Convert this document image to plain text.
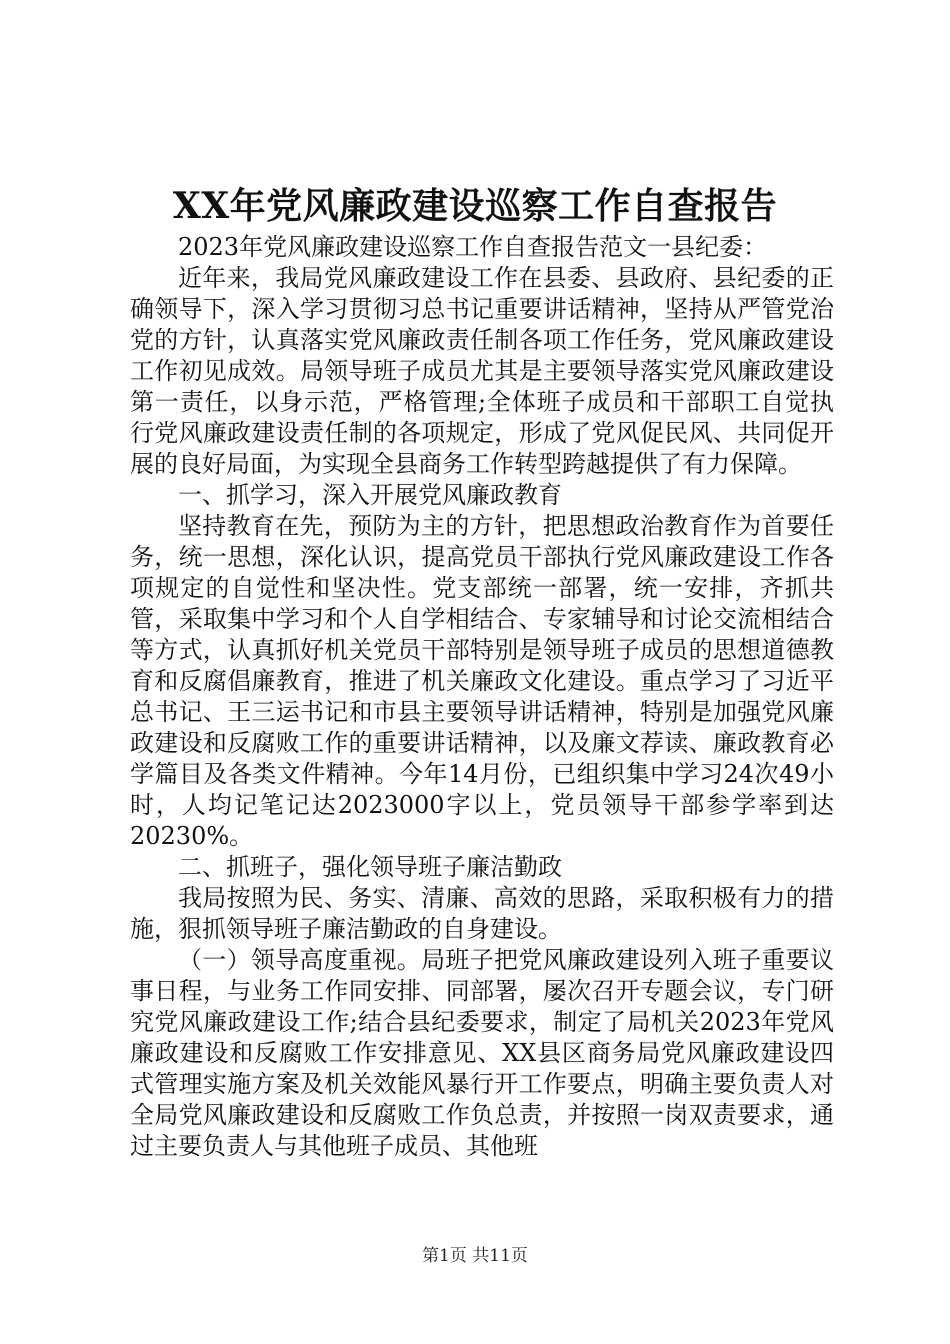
XX年党风廉政建设巡察工作自查报告

2023年党风廉政建设巡察工作自查报告范文一县纪委：

近年来，我局党风廉政建设工作在县委、县政府、县纪委的正确领导下，深入学习贯彻习总书记重要讲话精神，坚持从严管党治党的方针，认真落实党风廉政责任制各项工作任务，党风廉政建设工作初见成效。局领导班子成员尤其是主要领导落实党风廉政建设第一责任，以身示范，严格管理;全体班子成员和干部职工自觉执行党风廉政建设责任制的各项规定，形成了党风促民风、共同促开展的良好局面，为实现全县商务工作转型跨越提供了有力保障。

一、抓学习，深入开展党风廉政教育

坚持教育在先，预防为主的方针，把思想政治教育作为首要任务，统一思想，深化认识，提高党员干部执行党风廉政建设工作各项规定的自觉性和坚决性。党支部统一部署，统一安排，齐抓共管，采取集中学习和个人自学相结合、专家辅导和讨论交流相结合等方式，认真抓好机关党员干部特别是领导班子成员的思想道德教育和反腐倡廉教育，推进了机关廉政文化建设。重点学习了习近平总书记、王三运书记和市县主要领导讲话精神，特别是加强党风廉政建设和反腐败工作的重要讲话精神，以及廉文荐读、廉政教育必学篇目及各类文件精神。今年14月份，已组织集中学习24次49小时，人均记笔记达2023000字以上，党员领导干部参学率到达20230%。

二、抓班子，强化领导班子廉洁勤政

我局按照为民、务实、清廉、高效的思路，采取积极有力的措施，狠抓领导班子廉洁勤政的自身建设。

（一）领导高度重视。局班子把党风廉政建设列入班子重要议事日程，与业务工作同安排、同部署，屡次召开专题会议，专门研究党风廉政建设工作;结合县纪委要求，制定了局机关2023年党风廉政建设和反腐败工作安排意见、XX县区商务局党风廉政建设四式管理实施方案及机关效能风暴行开工作要点，明确主要负责人对全局党风廉政建设和反腐败工作负总责，并按照一岗双责要求，通过主要负责人与其他班子成员、其他班

第1页 共11页
